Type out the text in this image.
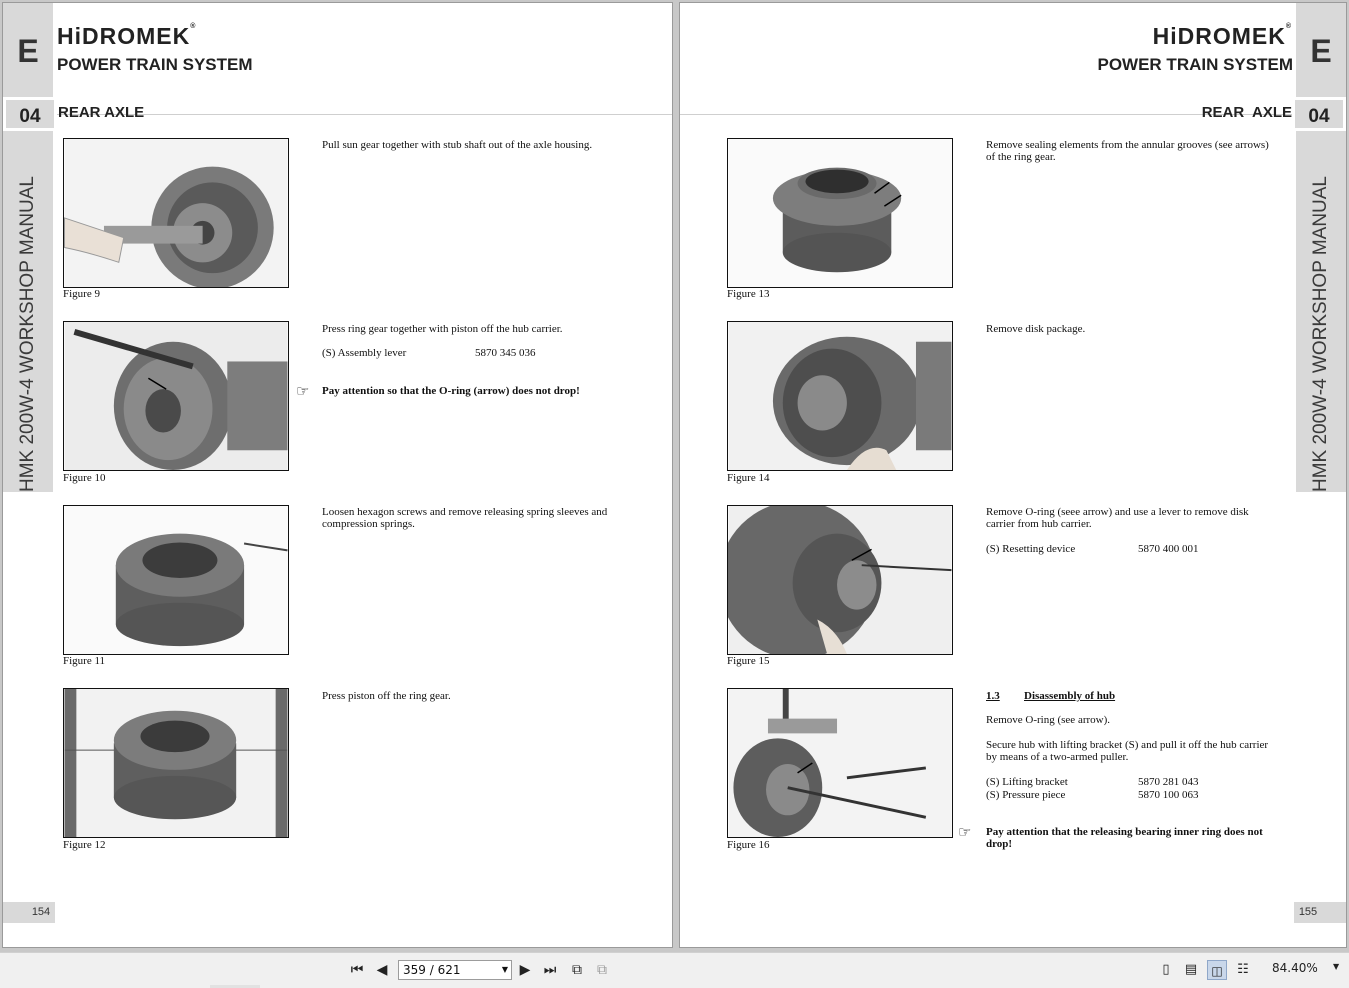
E
HMK 200W-4 WORKSHOP MANUAL
04
HiDROMEK®
POWER TRAIN SYSTEM
REAR AXLE
Figure 9
Pull sun gear together with stub shaft out of the axle housing.
Figure 10
Press ring gear together with piston off the hub carrier.
(S) Assembly lever	5870 345 036
☞ Pay attention so that the O-ring (arrow) does not drop!
Figure 11
Loosen hexagon screws and remove releasing spring sleeves and compression springs.
Figure 12
Press piston off the ring gear.
154
E
HMK 200W-4 WORKSHOP MANUAL
04
HiDROMEK®
POWER TRAIN SYSTEM
REAR  AXLE
Figure 13
Remove sealing elements from the annular grooves (see arrows) of the ring gear.
Figure 14
Remove disk package.
Figure 15
Remove O-ring (seee arrow) and use a lever to remove disk carrier from hub carrier.
(S) Resetting device	5870 400 001
Figure 16
1.3 Disassembly of hub
Remove O-ring (see arrow).
Secure hub with lifting bracket (S) and pull it off the hub carrier by means of a two-armed puller.
(S) Lifting bracket	5870 281 043
(S) Pressure piece	5870 100 063
☞ Pay attention that the releasing bearing inner ring does not drop!
155
⏮ ◀	359 / 621	▼ ▶ ⏭	⧉	⧉	▯	▤	◫	☷	84.40% ▼
